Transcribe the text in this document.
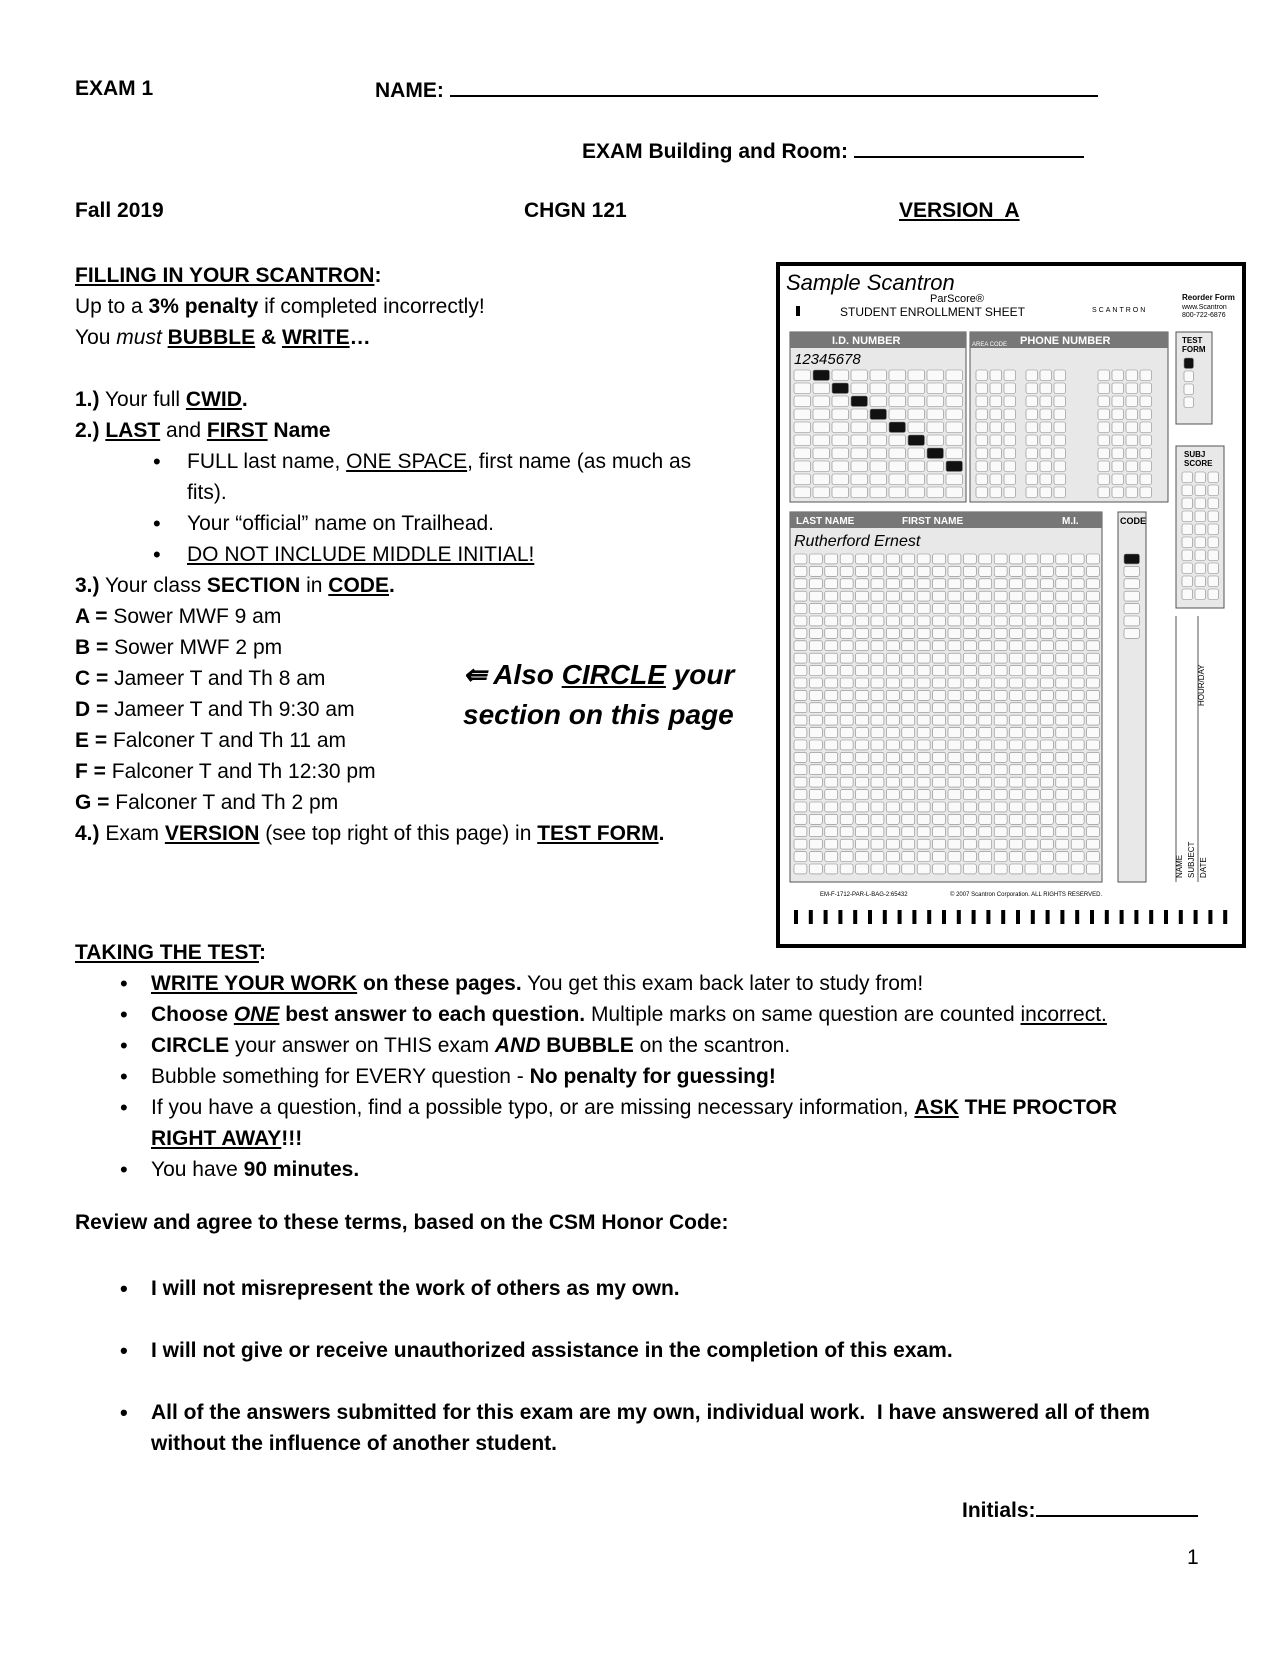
EXAM 1	NAME:
EXAM Building and Room:
Fall 2019	CHGN 121	VERSION  A
FILLING IN YOUR SCANTRON:
Up to a 3% penalty if completed incorrectly!
You must BUBBLE & WRITE…
1.) Your full CWID.
2.) LAST and FIRST Name
• FULL last name, ONE SPACE, first name (as much as
fits).
• Your “official” name on Trailhead.
• DO NOT INCLUDE MIDDLE INITIAL!
3.) Your class SECTION in CODE.
A = Sower MWF 9 am
B = Sower MWF 2 pm
C = Jameer T and Th 8 am
D = Jameer T and Th 9:30 am
E = Falconer T and Th 11 am
F = Falconer T and Th 12:30 pm
G = Falconer T and Th 2 pm
4.) Exam VERSION (see top right of this page) in TEST FORM.
⇚ Also CIRCLE your
section on this page
Sample Scantron
ParScore®
STUDENT ENROLLMENT SHEET	SCANTRON
Reorder Form
www.Scantron
800-722-6876
I.D. NUMBER
12345678
PHONE NUMBER
AREA CODE	TEST
FORM
SUBJ
SCORE
LAST NAME	FIRST NAME	M.I.
Rutherford Ernest
CODE
HOUR/DAY
NAME SUBJECT DATE
EM-F-1712-PAR-L-BAG-2:65432	© 2007 Scantron Corporation. ALL RIGHTS RESERVED.
TAKING THE TEST:
• WRITE YOUR WORK on these pages. You get this exam back later to study from!
• Choose ONE best answer to each question. Multiple marks on same question are counted incorrect.
• CIRCLE your answer on THIS exam AND BUBBLE on the scantron.
• Bubble something for EVERY question - No penalty for guessing!
• If you have a question, find a possible typo, or are missing necessary information, ASK THE PROCTOR
RIGHT AWAY!!!
• You have 90 minutes.
Review and agree to these terms, based on the CSM Honor Code:
• I will not misrepresent the work of others as my own.
• I will not give or receive unauthorized assistance in the completion of this exam.
• All of the answers submitted for this exam are my own, individual work.  I have answered all of them
without the influence of another student.
Initials:
1
